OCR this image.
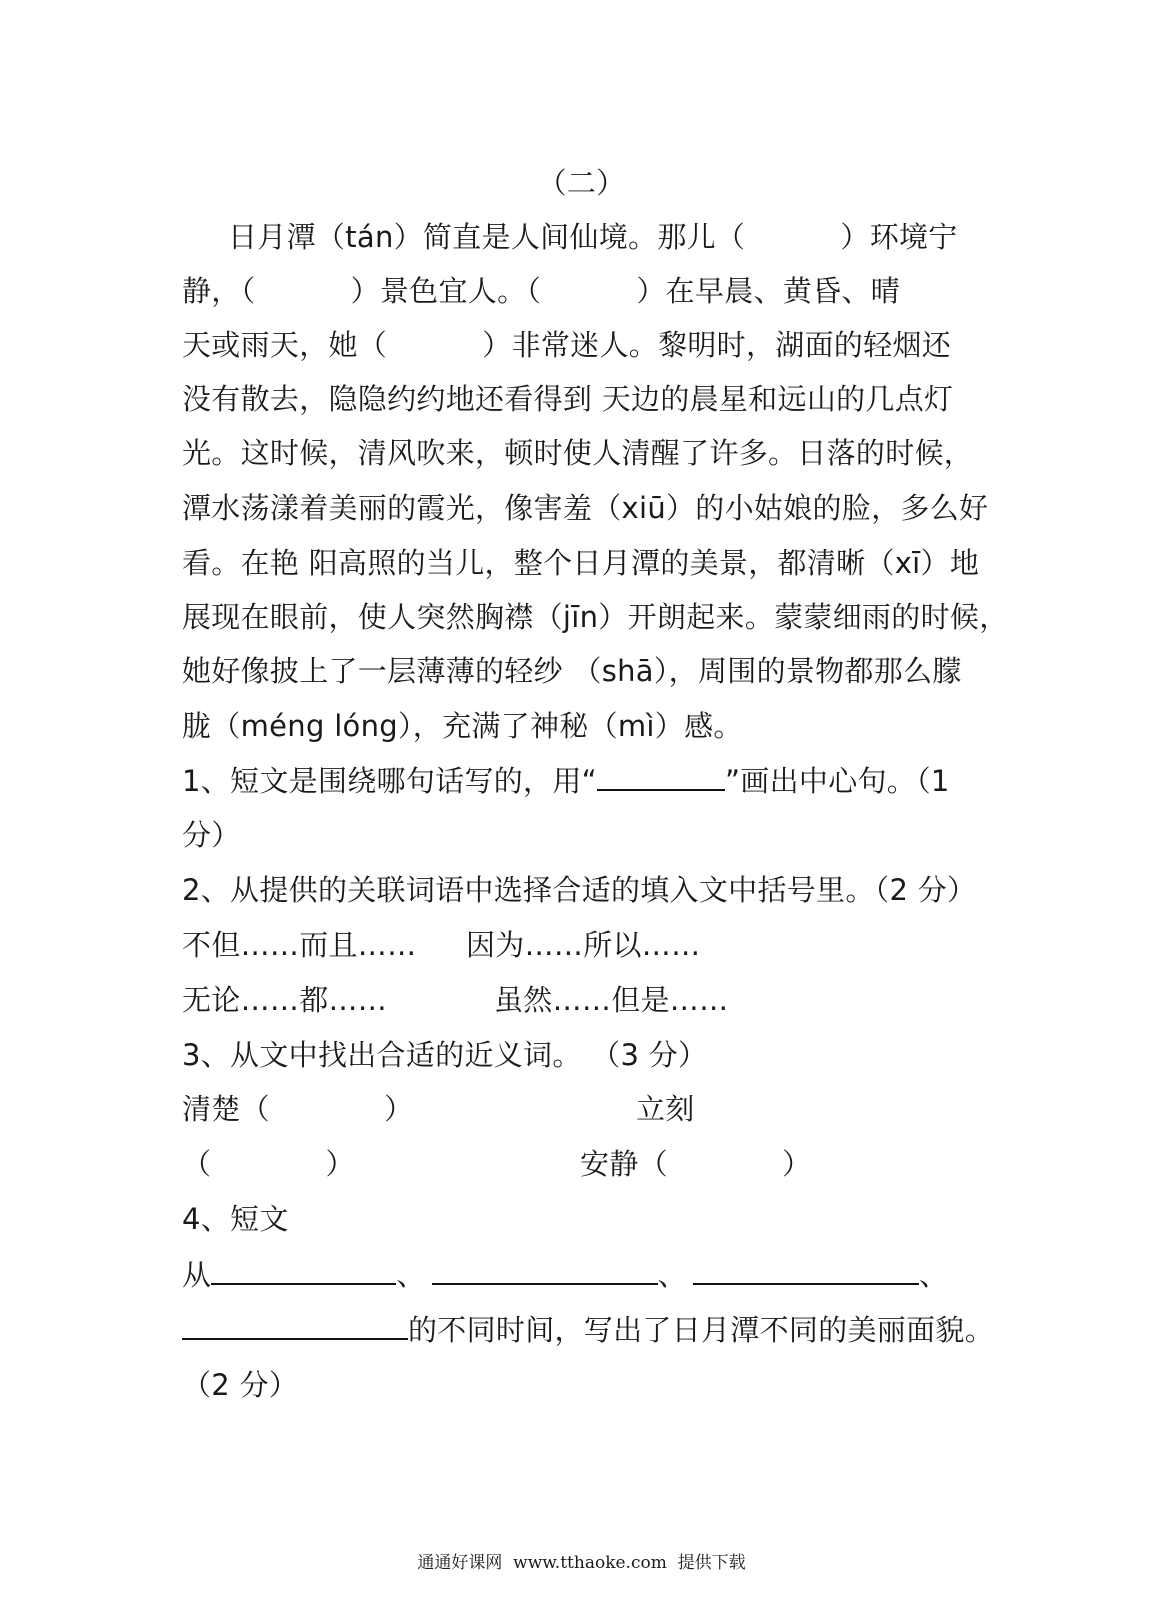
（二）
日月潭（tán）简直是人间仙境。那儿（          ）环境宁
静，（          ）景色宜人。（          ）在早晨、黄昏、晴
天或雨天，她（          ）非常迷人。黎明时，湖面的轻烟还
没有散去，隐隐约约地还看得到 天边的晨星和远山的几点灯
光。这时候，清风吹来，顿时使人清醒了许多。日落的时候，
潭水荡漾着美丽的霞光，像害羞（xiū）的小姑娘的脸，多么好
看。在艳 阳高照的当儿，整个日月潭的美景，都清晰（xī）地
展现在眼前，使人突然胸襟（jīn）开朗起来。蒙蒙细雨的时候，
她好像披上了一层薄薄的轻纱 （shā），周围的景物都那么朦
胧（méng lóng），充满了神秘（mì）感。
1、短文是围绕哪句话写的，用“	”画出中心句。（1
分）
2、从提供的关联词语中选择合适的填入文中括号里。（2 分）
不但……而且…… 因为……所以……
无论……都……	虽然……但是……
3、从文中找出合适的近义词。 （3 分）
清楚（            ）	立刻
（            ）	安静（            ）
4、短文
从	、	、	、
的不同时间，写出了日月潭不同的美丽面貌。
（2 分）
通通好课网  www.tthaoke.com  提供下载
